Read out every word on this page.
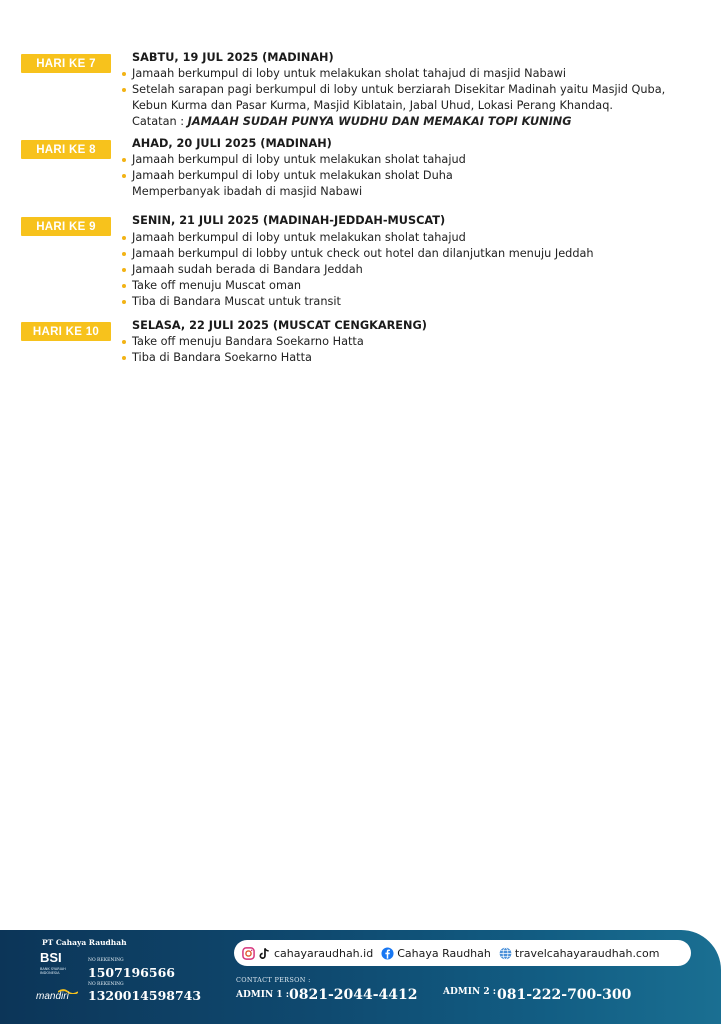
HARI KE 7	SABTU, 19 JUL 2025 (MADINAH)
Jamaah berkumpul di loby untuk melakukan sholat tahajud di masjid Nabawi
Setelah sarapan pagi berkumpul di loby untuk berziarah Disekitar Madinah yaitu Masjid Quba,
Kebun Kurma dan Pasar Kurma, Masjid Kiblatain, Jabal Uhud, Lokasi Perang Khandaq.
Catatan : JAMAAH SUDAH PUNYA WUDHU DAN MEMAKAI TOPI KUNING
HARI KE 8	AHAD, 20 JULI 2025 (MADINAH)
Jamaah berkumpul di loby untuk melakukan sholat tahajud
Jamaah berkumpul di loby untuk melakukan sholat Duha
Memperbanyak ibadah di masjid Nabawi
HARI KE 9	SENIN, 21 JULI 2025 (MADINAH-JEDDAH-MUSCAT)
Jamaah berkumpul di loby untuk melakukan sholat tahajud
Jamaah berkumpul di lobby untuk check out hotel dan dilanjutkan menuju Jeddah
Jamaah sudah berada di Bandara Jeddah
Take off menuju Muscat oman
Tiba di Bandara Muscat untuk transit
HARI KE 10	SELASA, 22 JULI 2025 (MUSCAT CENGKARENG)
Take off menuju Bandara Soekarno Hatta
Tiba di Bandara Soekarno Hatta
PT Cahaya Raudhah
BSI
BANK SYARIAH INDONESIA
NO REKENING
1507196566
mandiri
NO REKENING
1320014598743
cahayaraudhah.id Cahaya Raudhah travelcahayaraudhah.com
CONTACT PERSON :
ADMIN 1 : 0821-2044-4412	ADMIN 2 : 081-222-700-300
